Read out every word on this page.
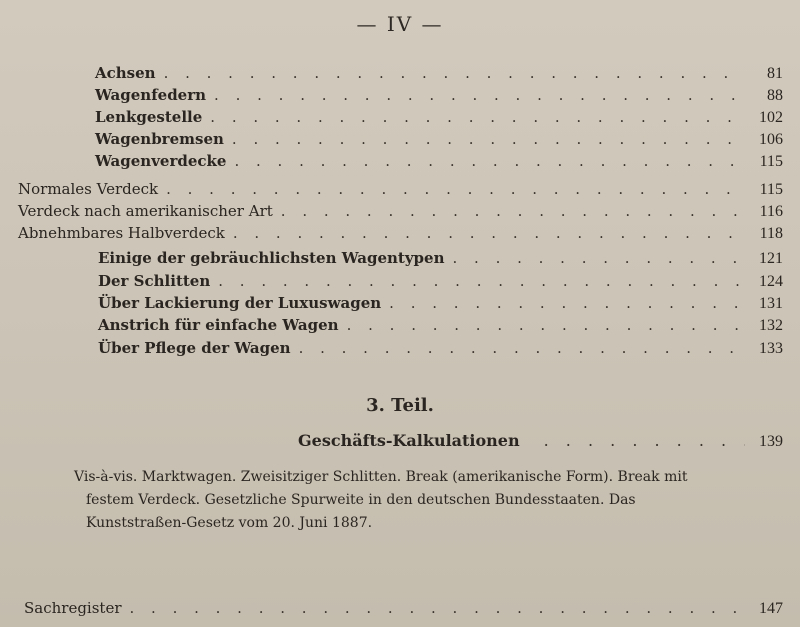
— IV —
Achsen . . .	81
Wagenfedern . . .	88
Lenkgestelle . . .	102
Wagenbremsen . . .	106
Wagenverdecke . . .	115
Normales Verdeck . . .	115
Verdeck nach amerikanischer Art . . .	116
Abnehmbares Halbverdeck . . .	118
Einige der gebräuchlichsten Wagentypen . . .	121
Der Schlitten . . .	124
Über Lackierung der Luxuswagen . . .	131
Anstrich für einfache Wagen . . .	132
Über Pflege der Wagen . . .	133
3. Teil.
Geschäfts-Kalkulationen . . .	139
Vis-à-vis. Marktwagen. Zweisitziger Schlitten. Break (amerikanische Form). Break mit
festem Verdeck. Gesetzliche Spurweite in den deutschen Bundesstaaten. Das
Kunststraßen-Gesetz vom 20. Juni 1887.
Sachregister . . .	147
